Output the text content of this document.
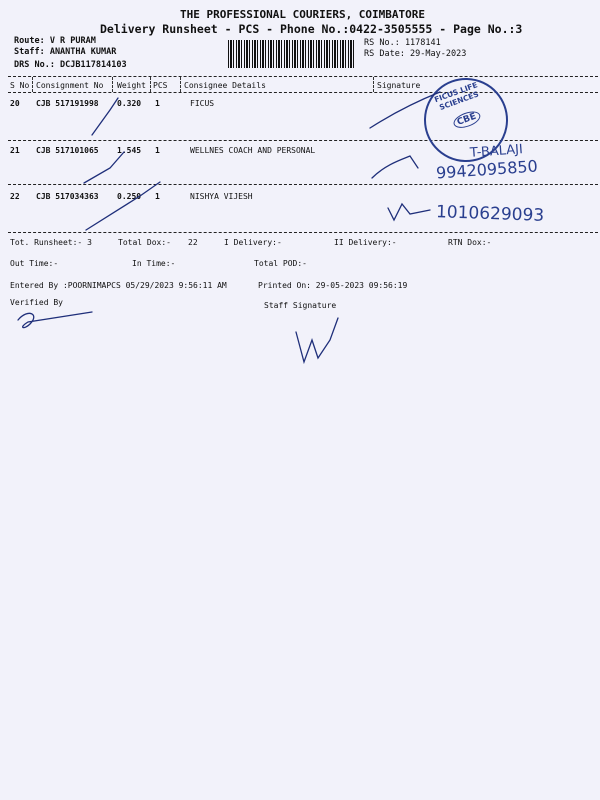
THE PROFESSIONAL COURIERS, COIMBATORE
Delivery Runsheet - PCS - Phone No.:0422-3505555 - Page No.:3
Route: V R PURAM
Staff: ANANTHA KUMAR
DRS No.: DCJB117814103
RS No.: 1178141
RS Date: 29-May-2023
S No Consignment No Weight PCS Consignee Details	Signature
20 CJB 517191998 0.320 1	FICUS
21 CJB 517101065 1.545 1	WELLNES COACH AND PERSONAL
22 CJB 517034363 0.250 1	NISHYA VIJESH
Tot. Runsheet:- 3	Total Dox:- 22	I Delivery:-	II Delivery:-	RTN Dox:-
Out Time:-	In Time:-	Total POD:-
Entered By :POORNIMAPCS 05/29/2023 9:56:11 AM	Printed On: 29-05-2023 09:56:19
Verified By	Staff Signature
T-BALAJI
9942095850
1010629093
FICUS LIFE SCIENCES
CBE
